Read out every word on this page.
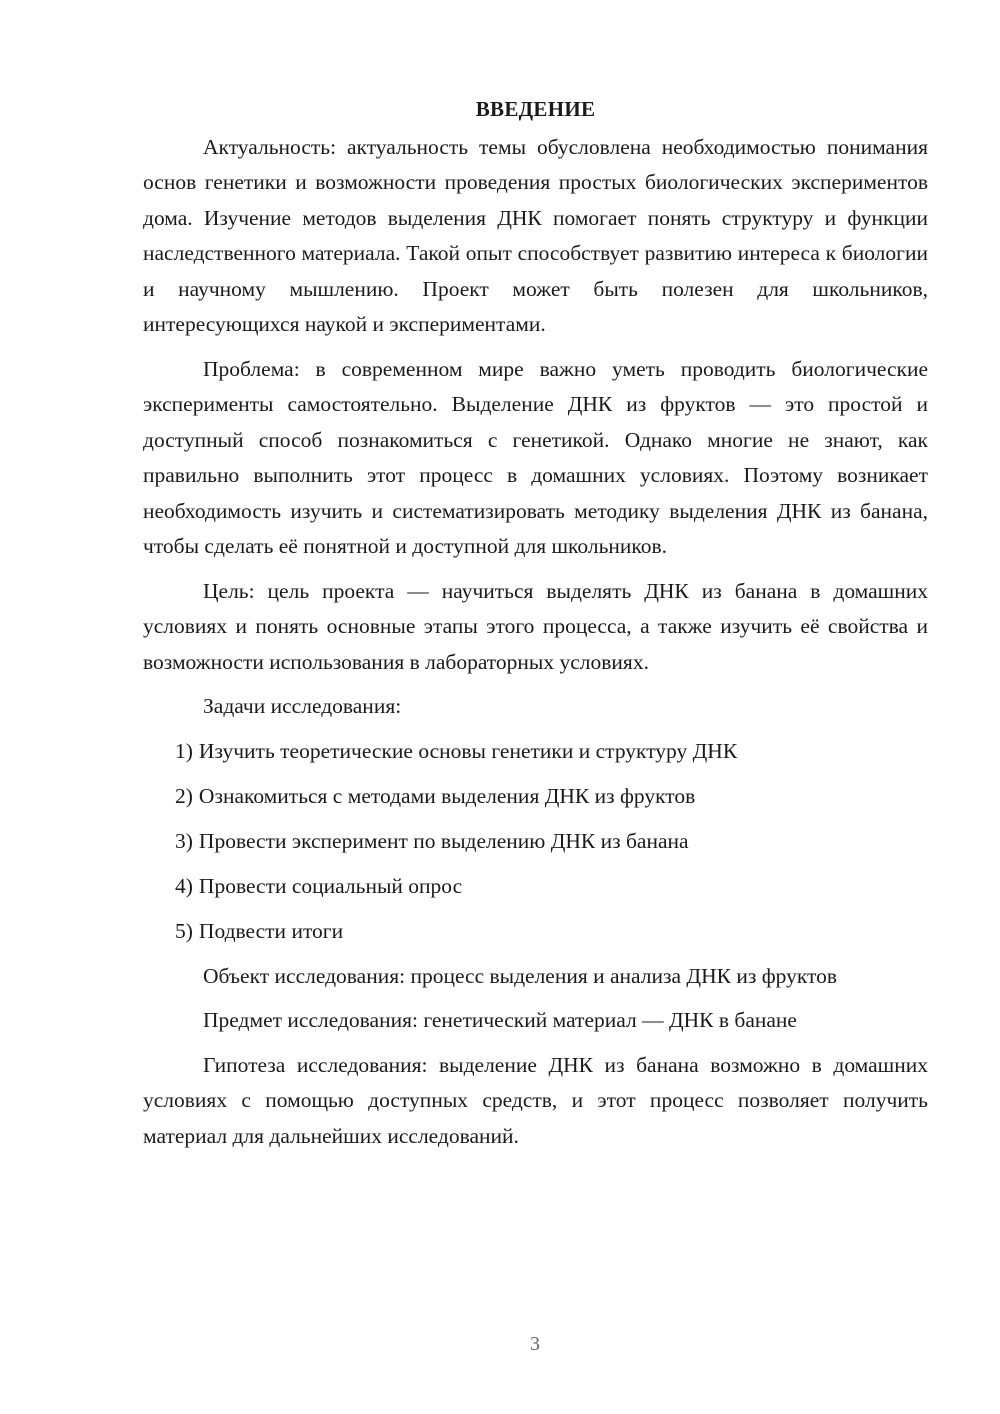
ВВЕДЕНИЕ

Актуальность: актуальность темы обусловлена необходимостью понимания основ генетики и возможности проведения простых биологических экспериментов дома. Изучение методов выделения ДНК помогает понять структуру и функции наследственного материала. Такой опыт способствует развитию интереса к биологии и научному мышлению. Проект может быть полезен для школьников, интересующихся наукой и экспериментами.

Проблема: в современном мире важно уметь проводить биологические эксперименты самостоятельно. Выделение ДНК из фруктов — это простой и доступный способ познакомиться с генетикой. Однако многие не знают, как правильно выполнить этот процесс в домашних условиях. Поэтому возникает необходимость изучить и систематизировать методику выделения ДНК из банана, чтобы сделать её понятной и доступной для школьников.

Цель: цель проекта — научиться выделять ДНК из банана в домашних условиях и понять основные этапы этого процесса, а также изучить её свойства и возможности использования в лабораторных условиях.

Задачи исследования:

1) Изучить теоретические основы генетики и структуру ДНК
2) Ознакомиться с методами выделения ДНК из фруктов
3) Провести эксперимент по выделению ДНК из банана
4) Провести социальный опрос
5) Подвести итоги

Объект исследования: процесс выделения и анализа ДНК из фруктов

Предмет исследования: генетический материал — ДНК в банане

Гипотеза исследования: выделение ДНК из банана возможно в домашних условиях с помощью доступных средств, и этот процесс позволяет получить материал для дальнейших исследований.

3
